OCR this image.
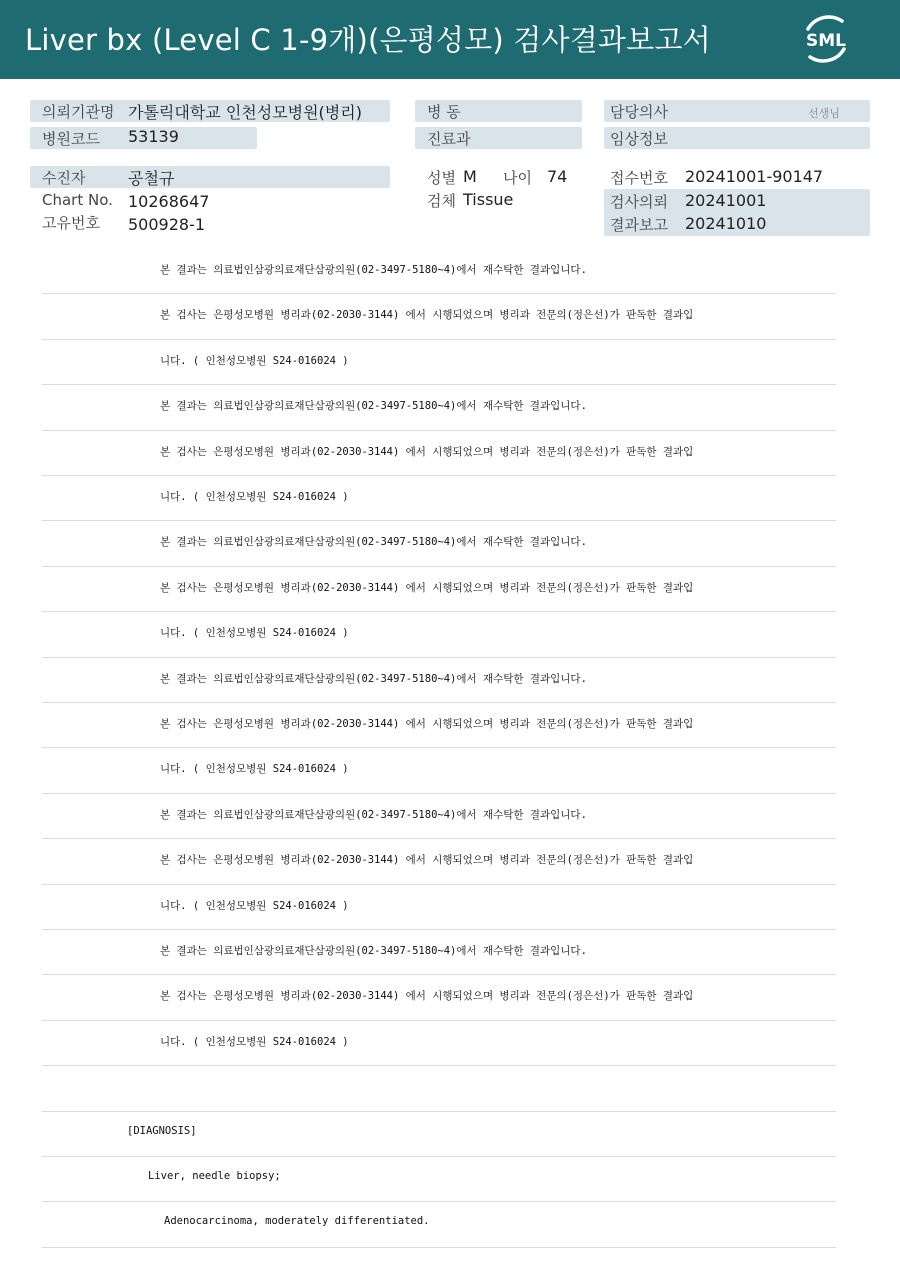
Liver bx (Level C 1-9개)(은평성모) 검사결과보고서	SML
의뢰기관명 가톨릭대학교 인천성모병원(병리)
병원코드 53139
수진자	공철규
Chart No. 10268647
고유번호 500928-1
병 동
진료과
성별 M 나이 74
검체 Tissue
담당의사	선생님
임상정보
접수번호 20241001-90147
검사의뢰 20241001
결과보고 20241010
본 결과는 의료법인삼광의료재단삼광의원(02-3497-5180~4)에서 재수탁한 결과입니다.
본 검사는 은평성모병원 병리과(02-2030-3144) 에서 시행되었으며 병리과 전문의(정은선)가 판독한 결과입
니다. ( 인천성모병원 S24-016024 )
본 결과는 의료법인삼광의료재단삼광의원(02-3497-5180~4)에서 재수탁한 결과입니다.
본 검사는 은평성모병원 병리과(02-2030-3144) 에서 시행되었으며 병리과 전문의(정은선)가 판독한 결과입
니다. ( 인천성모병원 S24-016024 )
본 결과는 의료법인삼광의료재단삼광의원(02-3497-5180~4)에서 재수탁한 결과입니다.
본 검사는 은평성모병원 병리과(02-2030-3144) 에서 시행되었으며 병리과 전문의(정은선)가 판독한 결과입
니다. ( 인천성모병원 S24-016024 )
본 결과는 의료법인삼광의료재단삼광의원(02-3497-5180~4)에서 재수탁한 결과입니다.
본 검사는 은평성모병원 병리과(02-2030-3144) 에서 시행되었으며 병리과 전문의(정은선)가 판독한 결과입
니다. ( 인천성모병원 S24-016024 )
본 결과는 의료법인삼광의료재단삼광의원(02-3497-5180~4)에서 재수탁한 결과입니다.
본 검사는 은평성모병원 병리과(02-2030-3144) 에서 시행되었으며 병리과 전문의(정은선)가 판독한 결과입
니다. ( 인천성모병원 S24-016024 )
본 결과는 의료법인삼광의료재단삼광의원(02-3497-5180~4)에서 재수탁한 결과입니다.
본 검사는 은평성모병원 병리과(02-2030-3144) 에서 시행되었으며 병리과 전문의(정은선)가 판독한 결과입
니다. ( 인천성모병원 S24-016024 )
[DIAGNOSIS]
Liver, needle biopsy;
Adenocarcinoma, moderately differentiated.
